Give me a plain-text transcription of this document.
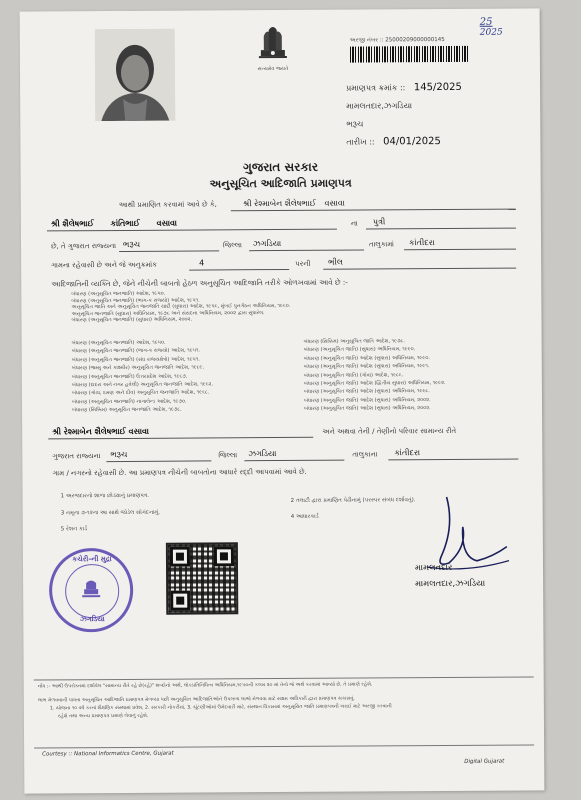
25
2025
સત્યમેવ જયતે
અરજી નંબર :: 25000209000000145
પ્રમાણપત્ર ક્રમાંક :: 145/2025
મામલતદાર,ઝગડિયા
ભરૂચ
તારીખ :: 04/01/2025
ગુજરાત સરકાર
અનુસૂચિત આદિજાતિ પ્રમાણપત્ર
આથી પ્રમાણિત કરવામાં આવે છે કે,	શ્રી રેશ્માબેન શૈલેષભાઈ વસાવા
શ્રી શૈલેષભાઈ કાંતિભાઈ વસાવા	ના પુત્રી
છે, તે ગુજરાત રાજ્યના ભરૂચ	જિલ્લા ઝગડિયા	તાલુકામાં કાંતીદરા
ગામના રહેવાસી છે અને જે અનુક્રમાંક	4	પરની ભીલ
આદિજાતિની વ્યક્તિ છે, જેને નીચેની બાબતો હેઠળ અનુસૂચિત આદિજાતિ તરીકે ઓળખવામાં આવે છે :-
બંધારણ (અનુસૂચિત જનજાતિ) આદેશ, ૧૯૫૦.
બંધારણ (અનુસૂચિત જનજાતિ) (ભાગ-ક રાજ્યો) આદેશ, ૧૯૫૧.
અનુસૂચિત જાતિ અને અનુસૂચિત જનજાતિ યાદી (સુધારા) આદેશ, ૧૯૫૬, મુંબઈ પુનર્ગઠન અધિનિયમ, ૧૯૬૦.
અનુસૂચિત જનજાતિ (સુધારા) અધિનિયમ, ૧૯૭૬ અને સંસદના અધિનિયમ, ૨૦૦૨ દ્વારા સુધારેલ.
બંધારણ (અનુસૂચિત જનજાતિ) (સુધારા) અધિનિયમ, ૨૦૦૨.
બંધારણ (અનુસૂચિત જનજાતિ) આદેશ, ૧૯૫૦.
બંધારણ (અનુસૂચિત જનજાતિ) (ભાગ-ક રાજ્યો) આદેશ, ૧૯૫૧.
બંધારણ (અનુસૂચિત જનજાતિ) (સંઘ રાજ્યક્ષેત્રો) આદેશ, ૧૯૫૧.
બંધારણ (જમ્મુ અને કાશ્મીર) અનુસૂચિત જનજાતિ આદેશ, ૧૯૮૯.
બંધારણ (અનુસૂચિત જનજાતિ) ઉત્તરપ્રદેશ આદેશ, ૧૯૬૭.
બંધારણ (દાદરા અને નગર હવેલી) અનુસૂચિત જનજાતિ આદેશ, ૧૯૬૨.
બંધારણ (ગોવા, દમણ અને દીવ) અનુસૂચિત જનજાતિ આદેશ, ૧૯૬૮.
બંધારણ (અનુસૂચિત જનજાતિ) નાગાલેન્ડ આદેશ, ૧૯૭૦.
બંધારણ (સિક્કિમ) અનુસૂચિત જનજાતિ આદેશ, ૧૯૭૮.
બંધારણ (સિક્કિમ) અનુસૂચિત જાતિ આદેશ, ૧૯૭૮.
બંધારણ (અનુસૂચિત જાતિ) (સુધારા) અધિનિયમ, ૧૯૯૦.
બંધારણ (અનુસૂચિત જાતિ) આદેશ (સુધારા) અધિનિયમ, ૧૯૯૦.
બંધારણ (અનુસૂચિત જાતિ) આદેશ (સુધારા) અધિનિયમ, ૧૯૯૧.
બંધારણ (અનુસૂચિત જાતિ) (ગોવા) આદેશ, ૧૯૮૬.
બંધારણ (અનુસૂચિત જાતિ) આદેશ (દ્વિતીય સુધારા) અધિનિયમ, ૧૯૯૨.
બંધારણ (અનુસૂચિત જાતિ) આદેશ (સુધારા) અધિનિયમ, ૧૯૯૮.
બંધારણ (અનુસૂચિત જાતિ) આદેશ (સુધારા) અધિનિયમ, ૨૦૦૨.
બંધારણ (અનુસૂચિત જાતિ) આદેશ (સુધારા) અધિનિયમ, ૨૦૦૨.
શ્રી રેશ્માબેન શૈલેષભાઈ વસાવા	અને અથવા તેની / તેણીનો પરિવાર સામાન્ય રીતે
ગુજરાત રાજ્યના ભરૂચ	જિલ્લા ઝગડિયા	તાલુકાના કાંતીદરા
ગામ / નગરનો રહેવાસી છે. આ પ્રમાણપત્ર નીચેની બાબતોના આધારે રદ્દી આપવામાં આવે છે.
1 અરજદારનો શાળા છોડ્યાનું પ્રમાણપત્ર.
2 તલાટી દ્વારા પ્રમાણિત પેઢીનામું (પરસ્પર સંબંધ દર્શાવતું).
3 નમૂના ૭-૧૨ના આ સાથે જોડેલ સોગંદનામું.
4 આધારકાર્ડ
5 રેશન કાર્ડ
કચેરી-ની મુદ્રા
ઝગડિયા
મામલતદાર
મામલતદાર,ઝગડિયા
નોંધ :- આથી ઉપરોક્તમાં દર્શાવેલ "સામાન્ય રીતે રહે છે(રહે)" શબ્દોનો અર્થ, લોકપ્રતિનિધિત્વ અધિનિયમ,૧૯૫૦ની કલમ ૨૦ માં તેનો જે અર્થ કરવામાં આવ્યો છે, તે પ્રમાણે રહેશે.
લાભ મેળવવાની પાત્રતા અનુસૂચિત આદિજાતિ પ્રમાણપત્ર મેળવ્યા પછી અનુસૂચિત આદિજાતિઓને ઉપલબ્ધ લાભો મેળવવા માટે સક્ષમ અધિકારી દ્વારા પ્રમાણપત્ર ચકાસવું.
1. યોજના ૧૦ વર્ષ કરતાં શૈક્ષણિક સંસ્થામાં પ્રવેશ, 2. સરકારી નોકરીમાં, 3. ચૂંટણીઓમાં ઉમેદવારી માટે, સંસ્થાન વિકાસમાં અનુસૂચિત જાતિ પ્રમાણપત્રની ખરાઈ માટે અરજી કરવાની
રહેશે તથા અન્ય પ્રમાણપત્ર પ્રમાણે લેવાનું રહેશે.
Courtesy :: National Informatics Centre, Gujarat
Digital Gujarat
